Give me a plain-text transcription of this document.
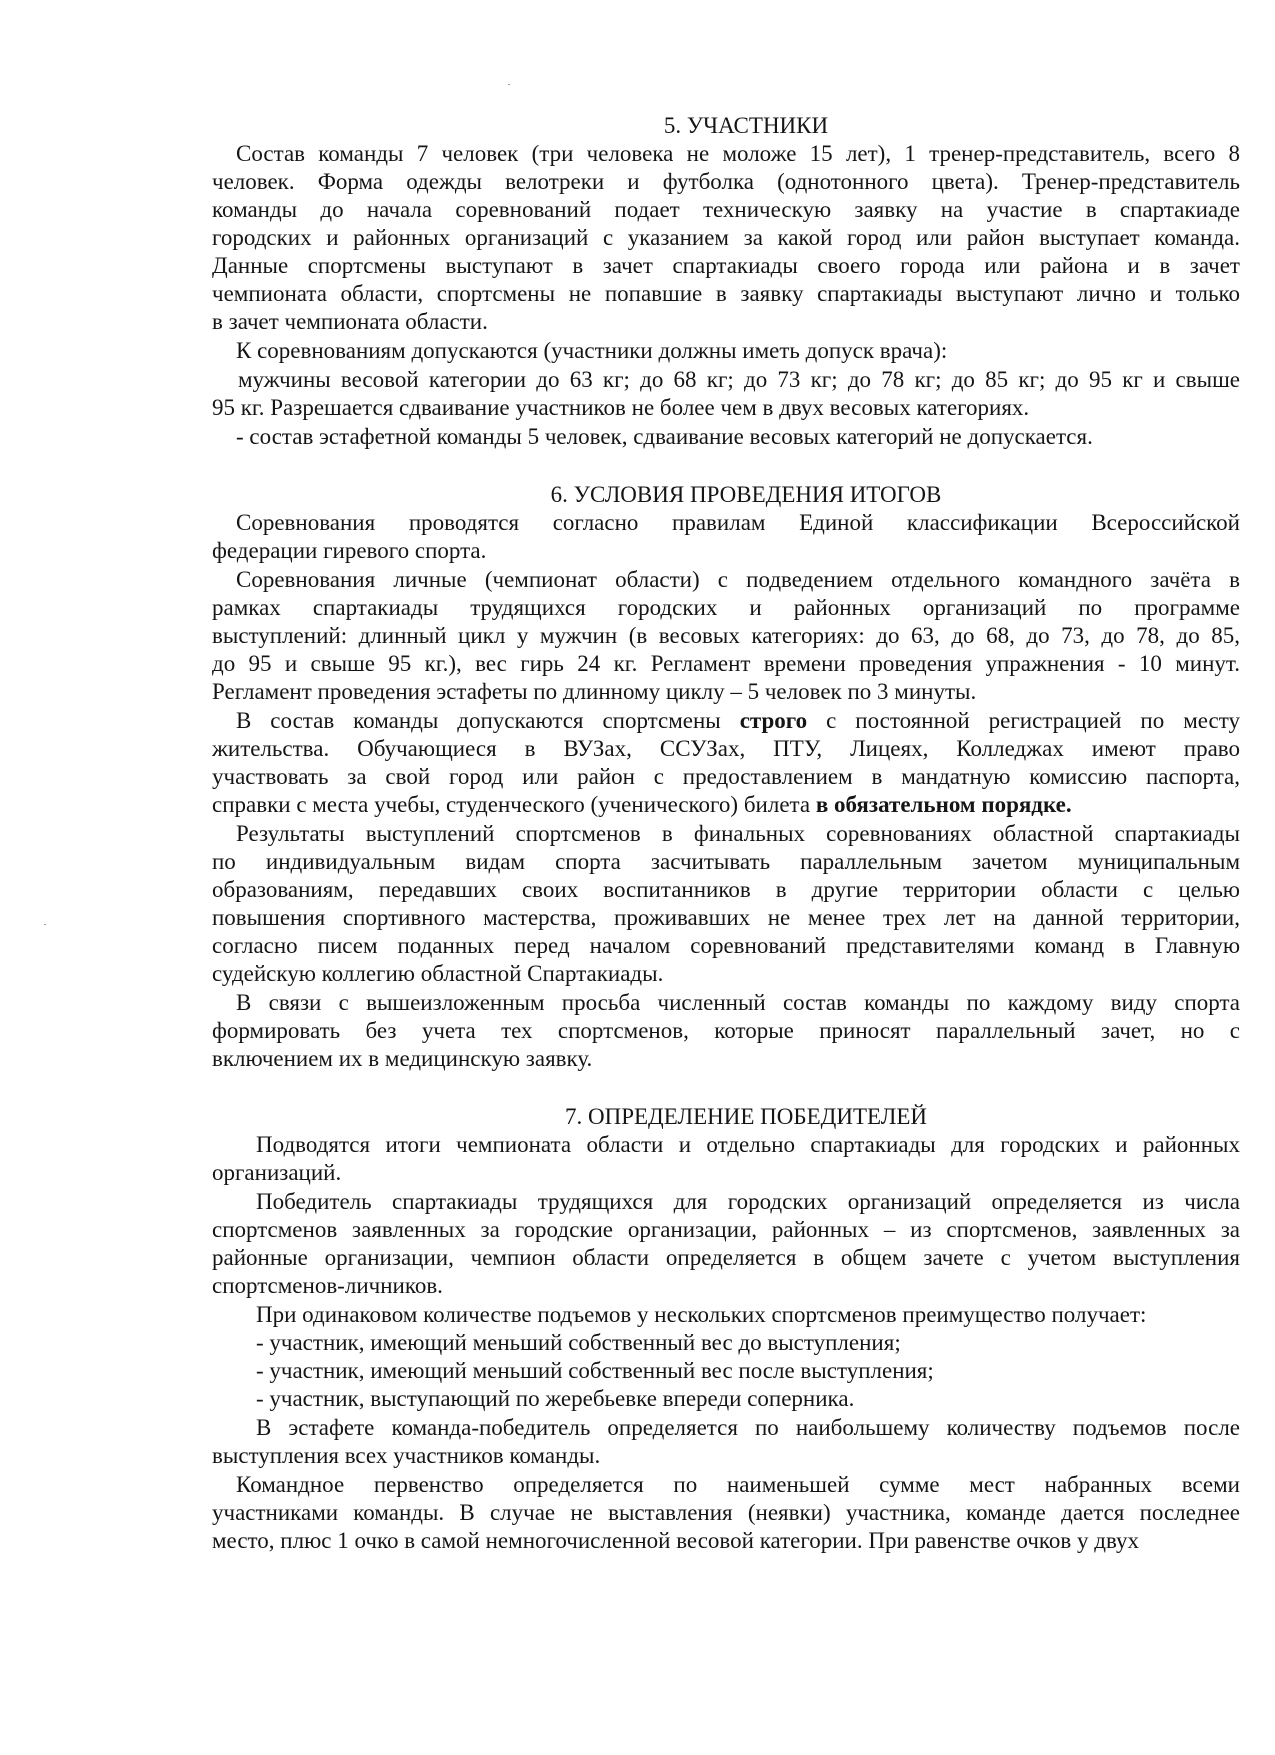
5. УЧАСТНИКИ
Состав команды 7 человек (три человека не моложе 15 лет), 1 тренер-представитель, всего 8
человек. Форма одежды велотреки и футболка (однотонного цвета). Тренер-представитель
команды до начала соревнований подает техническую заявку на участие в спартакиаде
городских и районных организаций с указанием за какой город или район выступает команда.
Данные спортсмены выступают в зачет спартакиады своего города или района и в зачет
чемпионата области, спортсмены не попавшие в заявку спартакиады выступают лично и только
в зачет чемпионата области.
К соревнованиям допускаются (участники должны иметь допуск врача):
мужчины весовой категории до 63 кг; до 68 кг; до 73 кг; до 78 кг; до 85 кг; до 95 кг и свыше
95 кг. Разрешается сдваивание участников не более чем в двух весовых категориях.
- состав эстафетной команды 5 человек, сдваивание весовых категорий не допускается.
6. УСЛОВИЯ ПРОВЕДЕНИЯ ИТОГОВ
Соревнования проводятся согласно правилам Единой классификации Всероссийской
федерации гиревого спорта.
Соревнования личные (чемпионат области) с подведением отдельного командного зачёта в
рамках спартакиады трудящихся городских и районных организаций по программе
выступлений: длинный цикл у мужчин (в весовых категориях: до 63, до 68, до 73, до 78, до 85,
до 95 и свыше 95 кг.), вес гирь 24 кг. Регламент времени проведения упражнения - 10 минут.
Регламент проведения эстафеты по длинному циклу – 5 человек по 3 минуты.
В состав команды допускаются спортсмены строго с постоянной регистрацией по месту
жительства. Обучающиеся в ВУЗах, ССУЗах, ПТУ, Лицеях, Колледжах имеют право
участвовать за свой город или район с предоставлением в мандатную комиссию паспорта,
справки с места учебы, студенческого (ученического) билета в обязательном порядке.
Результаты выступлений спортсменов в финальных соревнованиях областной спартакиады
по индивидуальным видам спорта засчитывать параллельным зачетом муниципальным
образованиям, передавших своих воспитанников в другие территории области с целью
повышения спортивного мастерства, проживавших не менее трех лет на данной территории,
согласно писем поданных перед началом соревнований представителями команд в Главную
судейскую коллегию областной Спартакиады.
В связи с вышеизложенным просьба численный состав команды по каждому виду спорта
формировать без учета тех спортсменов, которые приносят параллельный зачет, но с
включением их в медицинскую заявку.
7. ОПРЕДЕЛЕНИЕ ПОБЕДИТЕЛЕЙ
Подводятся итоги чемпионата области и отдельно спартакиады для городских и районных
организаций.
Победитель спартакиады трудящихся для городских организаций определяется из числа
спортсменов заявленных за городские организации, районных – из спортсменов, заявленных за
районные организации, чемпион области определяется в общем зачете с учетом выступления
спортсменов-личников.
При одинаковом количестве подъемов у нескольких спортсменов преимущество получает:
- участник, имеющий меньший собственный вес до выступления;
- участник, имеющий меньший собственный вес после выступления;
- участник, выступающий по жеребьевке впереди соперника.
В эстафете команда-победитель определяется по наибольшему количеству подъемов после
выступления всех участников команды.
Командное первенство определяется по наименьшей сумме мест набранных всеми
участниками команды. В случае не выставления (неявки) участника, команде дается последнее
место, плюс 1 очко в самой немногочисленной весовой категории. При равенстве очков у двух
